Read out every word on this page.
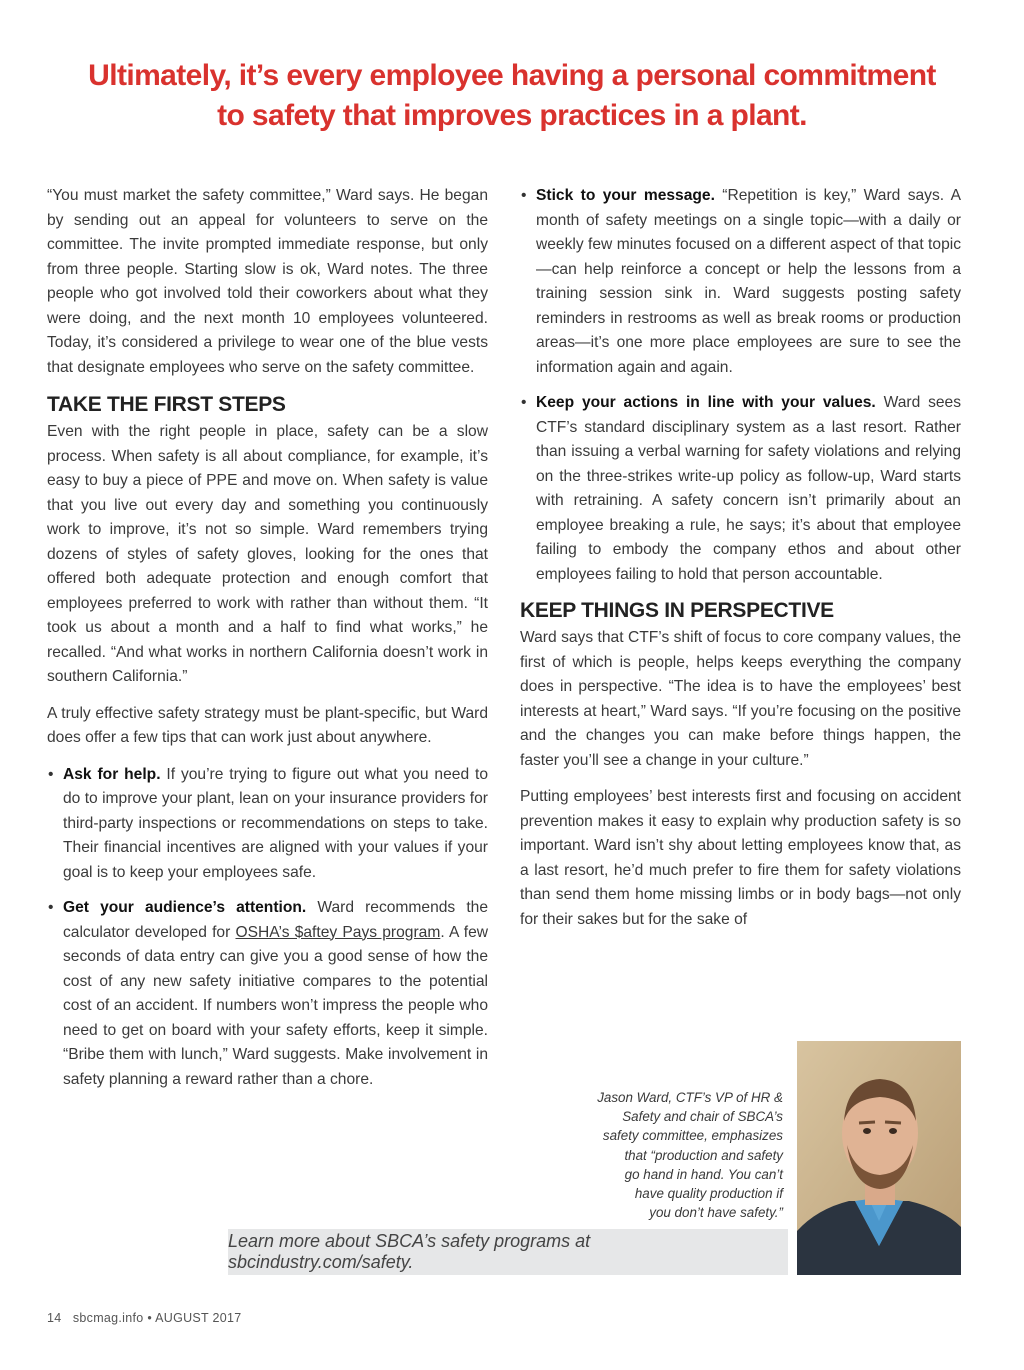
Ultimately, it’s every employee having a personal commitment
to safety that improves practices in a plant.

“You must market the safety committee,” Ward says. He began by sending out an appeal for volunteers to serve on the committee. The invite prompted immediate response, but only from three people. Starting slow is ok, Ward notes. The three people who got involved told their coworkers about what they were doing, and the next month 10 employees volunteered. Today, it’s considered a privilege to wear one of the blue vests that designate employees who serve on the safety committee.

TAKE THE FIRST STEPS

Even with the right people in place, safety can be a slow process. When safety is all about compliance, for example, it’s easy to buy a piece of PPE and move on. When safety is value that you live out every day and something you continuously work to improve, it’s not so simple. Ward remembers trying dozens of styles of safety gloves, looking for the ones that offered both adequate protection and enough comfort that employees preferred to work with rather than without them. “It took us about a month and a half to find what works,” he recalled. “And what works in northern California doesn’t work in southern California.”

A truly effective safety strategy must be plant-specific, but Ward does offer a few tips that can work just about anywhere.

• Ask for help. If you’re trying to figure out what you need to do to improve your plant, lean on your insurance providers for third-party inspections or recommendations on steps to take. Their financial incentives are aligned with your values if your goal is to keep your employees safe.
• Get your audience’s attention. Ward recommends the calculator developed for OSHA’s $aftey Pays program. A few seconds of data entry can give you a good sense of how the cost of any new safety initiative compares to the potential cost of an accident. If numbers won’t impress the people who need to get on board with your safety efforts, keep it simple. “Bribe them with lunch,” Ward suggests. Make involvement in safety planning a reward rather than a chore.
• Stick to your message. “Repetition is key,” Ward says. A month of safety meetings on a single topic—with a daily or weekly few minutes focused on a different aspect of that topic—can help reinforce a concept or help the lessons from a training session sink in. Ward suggests posting safety reminders in restrooms as well as break rooms or production areas—it’s one more place employees are sure to see the information again and again.
• Keep your actions in line with your values. Ward sees CTF’s standard disciplinary system as a last resort. Rather than issuing a verbal warning for safety violations and relying on the three-strikes write-up policy as follow-up, Ward starts with retraining. A safety concern isn’t primarily about an employee breaking a rule, he says; it’s about that employee failing to embody the company ethos and about other employees failing to hold that person accountable.
KEEP THINGS IN PERSPECTIVE

Ward says that CTF’s shift of focus to core company values, the first of which is people, helps keeps everything the company does in perspective. “The idea is to have the employees’ best interests at heart,” Ward says. “If you’re focusing on the positive and the changes you can make before things happen, the faster you’ll see a change in your culture.”

Putting employees’ best interests first and focusing on accident prevention makes it easy to explain why production safety is so important. Ward isn’t shy about letting employees know that, as a last resort, he’d much prefer to fire them for safety violations than send them home missing limbs or in body bags—not only for their sakes but for the sake of

Jason Ward, CTF’s VP of HR &
Safety and chair of SBCA’s
safety committee, emphasizes
that “production and safety
go hand in hand. You can’t
have quality production if
you don’t have safety.”
Learn more about SBCA’s safety programs at sbcindustry.com/safety.
14 sbcmag.info • AUGUST 2017
